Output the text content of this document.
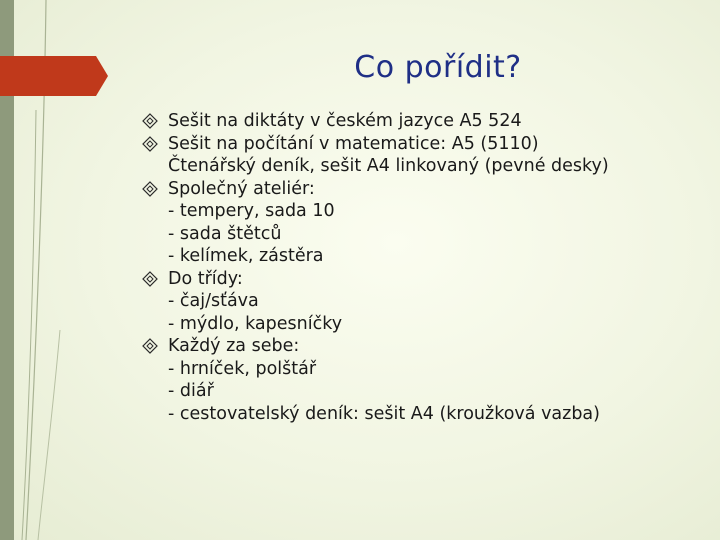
Co pořídit?
Sešit na diktáty v českém jazyce A5 524
Sešit na počítání v matematice: A5 (5110)
Čtenářský deník, sešit A4 linkovaný (pevné desky)
Společný ateliér:
- tempery, sada 10
- sada štětců
- kelímek, zástěra
Do třídy:
- čaj/sťáva
- mýdlo, kapesníčky
Každý za sebe:
- hrníček, polštář
- diář
- cestovatelský deník: sešit A4 (kroužková vazba)
